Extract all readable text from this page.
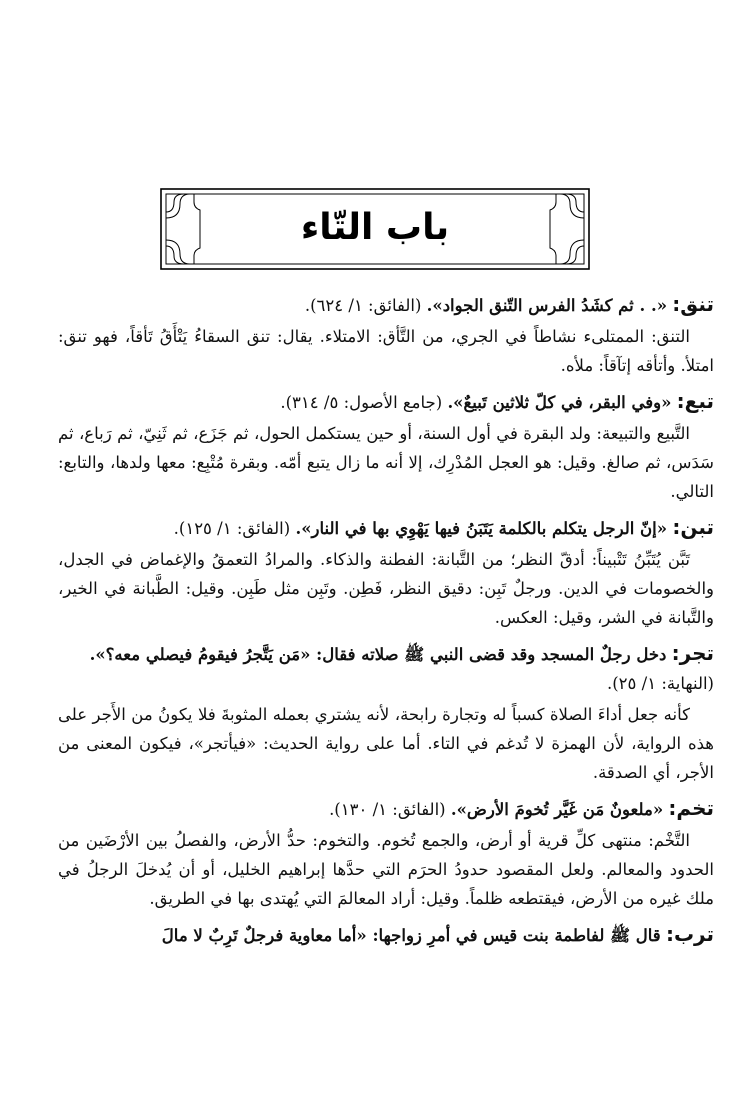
باب التّاء

تنق: «. . ثم كشَدُ الفرس التّنق الجواد». (الفائق: ١/ ٦٢٤).

التنق: الممتلىء نشاطاً في الجري، من التَّأق: الامتلاء. يقال: تنق السقاءُ يَتْأَقُ تَأقاً، فهو تنق: امتلأ. وأتأقه إتآقاً: ملأه.

تبع: «وفي البقر، في كلّ ثلاثين تَبيعٌ». (جامع الأصول: ٥/ ٣١٤).

التَّبيع والتبيعة: ولد البقرة في أول السنة، أو حين يستكمل الحول، ثم جَزَع، ثم ثَنِيّ، ثم رَباع، ثم سَدَس، ثم صالغ. وقيل: هو العجل المُدْرِك، إلا أنه ما زال يتبع أمّه. وبقرة مُتْبِع: معها ولدها، والتابع: التالي.

تبن: «إنّ الرجل يتكلم بالكلمة يَتَبَنُ فيها يَهْوِي بها في النار». (الفائق: ١/ ١٢٥).

تَبَّن يُتَبِّنُ تَتْبيناً: أدقّ النظر؛ من التَّبانة: الفطنة والذكاء. والمرادُ التعمقُ والإغماض في الجدل، والخصومات في الدين. ورجلٌ تَبِن: دقيق النظر، فَطِن. وتَبِن مثل طَبِن. وقيل: الطَّبانة في الخير، والتَّبانة في الشر، وقيل: العكس.

تجر: دخل رجلٌ المسجد وقد قضى النبي ﷺ صلاته فقال: «مَن يَتَّجرُ فيقومُ فيصلي معه؟». (النهاية: ١/ ٢٥).

كأنه جعل أداءَ الصلاة كسباً له وتجارة رابحة، لأنه يشتري بعمله المثوبةَ فلا يكونُ من الأَجر على هذه الرواية، لأن الهمزة لا تُدغم في التاء. أما على رواية الحديث: «فيأتجر»، فيكون المعنى من الأجر، أي الصدقة.

تخم: «ملعونٌ مَن غَيَّر تُخومَ الأرض». (الفائق: ١/ ١٣٠).

التَّخْم: منتهى كلِّ قرية أو أرض، والجمع تُخوم. والتخوم: حدُّ الأرض، والفصلُ بين الأرْضَين من الحدود والمعالم. ولعل المقصود حدودُ الحرَم التي حدَّها إبراهيم الخليل، أو أن يُدخلَ الرجلُ في ملك غيره من الأرض، فيقتطعه ظلماً. وقيل: أراد المعالمَ التي يُهتدى بها في الطريق.

ترب: قال ﷺ لفاطمة بنت قيس في أمرِ زواجها: «أما معاوية فرجلٌ تَرِبٌ لا مالَ
